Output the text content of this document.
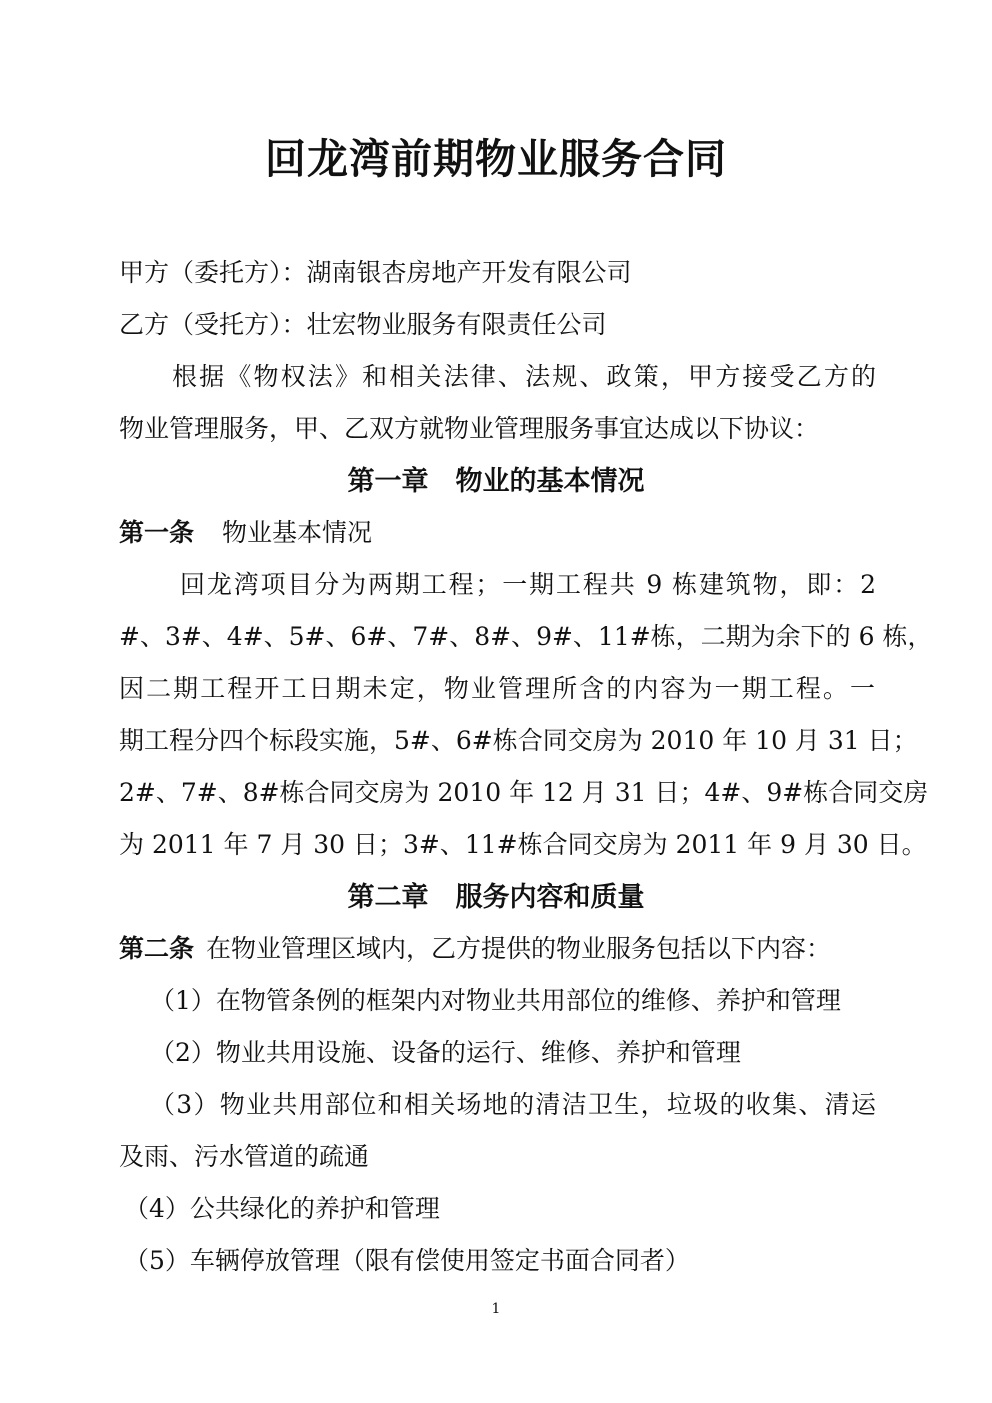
回龙湾前期物业服务合同
甲方（委托方）：湖南银杏房地产开发有限公司
乙方（受托方）：壮宏物业服务有限责任公司
根据《物权法》和相关法律、法规、政策，甲方接受乙方的
物业管理服务，甲、乙双方就物业管理服务事宜达成以下协议：
第一章　物业的基本情况
第一条 物业基本情况
回龙湾项目分为两期工程；一期工程共 9 栋建筑物，即：2
#、3#、4#、5#、6#、7#、8#、9#、11#栋，二期为余下的 6 栋，
因二期工程开工日期未定，物业管理所含的内容为一期工程。一
期工程分四个标段实施，5#、6#栋合同交房为 2010 年 10 月 31 日；
2#、7#、8#栋合同交房为 2010 年 12 月 31 日；4#、9#栋合同交房
为 2011 年 7 月 30 日；3#、11#栋合同交房为 2011 年 9 月 30 日。
第二章　服务内容和质量
第二条 在物业管理区域内，乙方提供的物业服务包括以下内容：
（1）在物管条例的框架内对物业共用部位的维修、养护和管理
（2）物业共用设施、设备的运行、维修、养护和管理
（3）物业共用部位和相关场地的清洁卫生，垃圾的收集、清运
及雨、污水管道的疏通
（4）公共绿化的养护和管理
（5）车辆停放管理（限有偿使用签定书面合同者）
1
